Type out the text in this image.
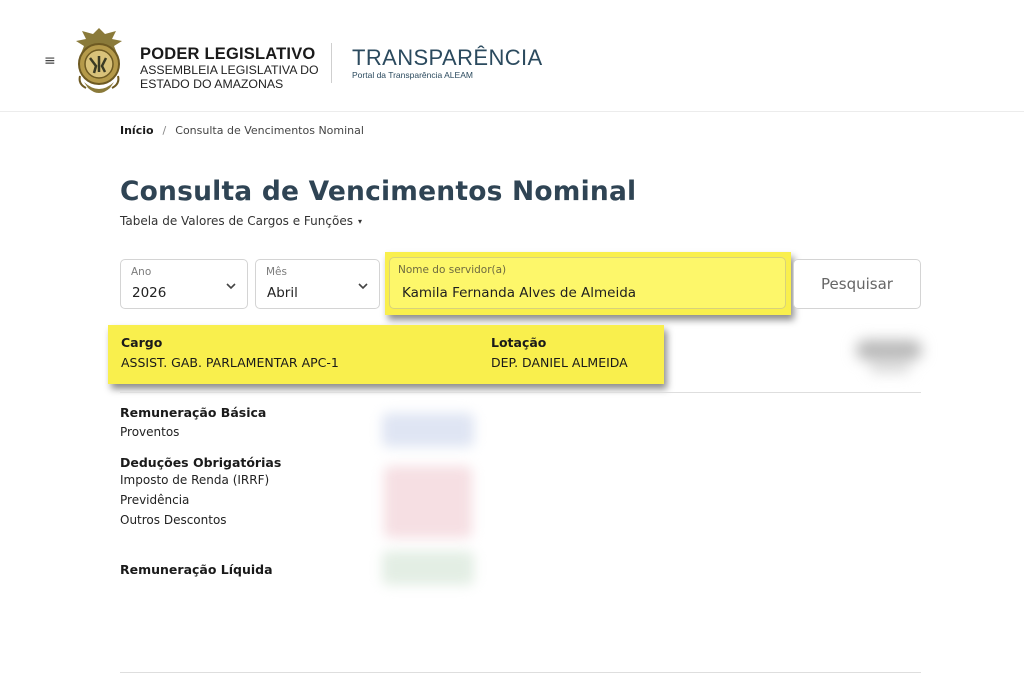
≡	PODER LEGISLATIVO
ASSEMBLEIA LEGISLATIVA DO
ESTADO DO AMAZONAS
TRANSPARÊNCIA
Portal da Transparência ALEAM
Início / Consulta de Vencimentos Nominal
Consulta de Vencimentos Nominal
Tabela de Valores de Cargos e Funções ▾
Ano
2026
Mês
Abril
Nome do servidor(a)
Kamila Fernanda Alves de Almeida	Pesquisar
Cargo
ASSIST. GAB. PARLAMENTAR APC-1
Lotação
DEP. DANIEL ALMEIDA
Remuneração Básica
Proventos
Deduções Obrigatórias
Imposto de Renda (IRRF)
Previdência
Outros Descontos
Remuneração Líquida
